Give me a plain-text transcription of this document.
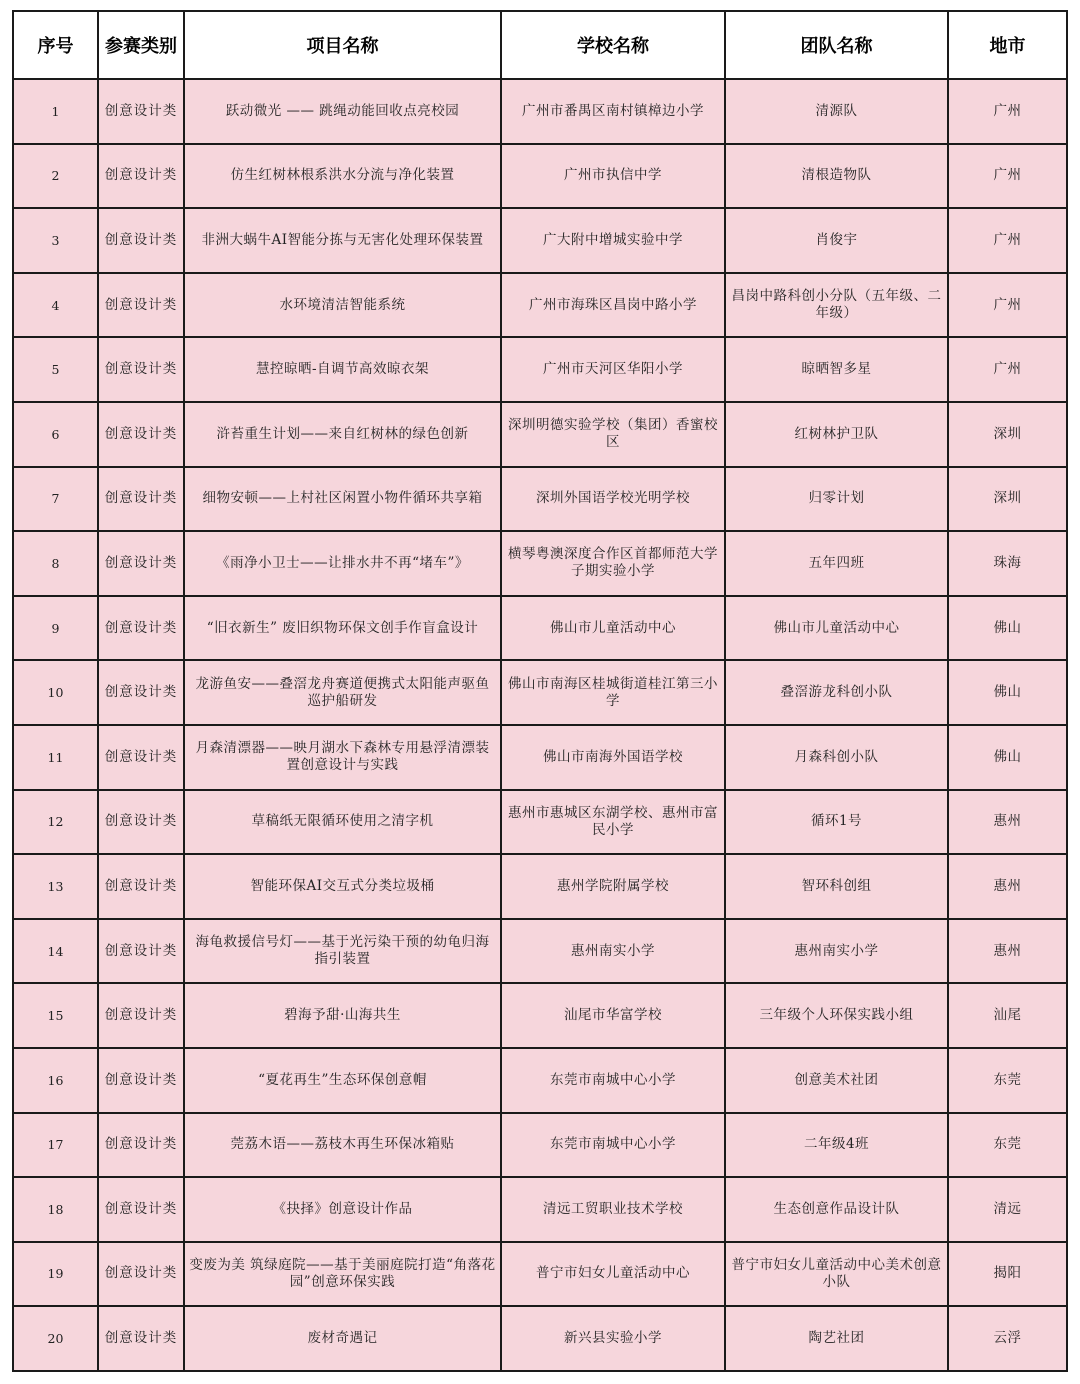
序号	参赛类别	项目名称	学校名称	团队名称	地市
1	创意设计类	跃动微光 —— 跳绳动能回收点亮校园	广州市番禺区南村镇樟边小学	清源队	广州
2	创意设计类	仿生红树林根系洪水分流与净化装置	广州市执信中学	清根造物队	广州
3	创意设计类	非洲大蜗牛AI智能分拣与无害化处理环保装置	广大附中增城实验中学	肖俊宇	广州
4	创意设计类	水环境清洁智能系统	广州市海珠区昌岗中路小学	昌岗中路科创小分队（五年级、二年级）	广州
5	创意设计类	慧控晾晒-自调节高效晾衣架	广州市天河区华阳小学	晾晒智多星	广州
6	创意设计类	浒苔重生计划——来自红树林的绿色创新	深圳明德实验学校（集团）香蜜校区	红树林护卫队	深圳
7	创意设计类	细物安顿——上村社区闲置小物件循环共享箱	深圳外国语学校光明学校	归零计划	深圳
8	创意设计类	《雨净小卫士——让排水井不再“堵车”》	横琴粤澳深度合作区首都师范大学子期实验小学	五年四班	珠海
9	创意设计类	“旧衣新生” 废旧织物环保文创手作盲盒设计	佛山市儿童活动中心	佛山市儿童活动中心	佛山
10	创意设计类	龙游鱼安——叠滘龙舟赛道便携式太阳能声驱鱼巡护船研发	佛山市南海区桂城街道桂江第三小学	叠滘游龙科创小队	佛山
11	创意设计类	月森清漂器——映月湖水下森林专用悬浮清漂装置创意设计与实践	佛山市南海外国语学校	月森科创小队	佛山
12	创意设计类	草稿纸无限循环使用之清字机	惠州市惠城区东湖学校、惠州市富民小学	循环1号	惠州
13	创意设计类	智能环保AI交互式分类垃圾桶	惠州学院附属学校	智环科创组	惠州
14	创意设计类	海龟救援信号灯——基于光污染干预的幼龟归海指引装置	惠州南实小学	惠州南实小学	惠州
15	创意设计类	碧海予甜·山海共生	汕尾市华富学校	三年级个人环保实践小组	汕尾
16	创意设计类	“夏花再生”生态环保创意帽	东莞市南城中心小学	创意美术社团	东莞
17	创意设计类	莞荔木语——荔枝木再生环保冰箱贴	东莞市南城中心小学	二年级4班	东莞
18	创意设计类	《抉择》创意设计作品	清远工贸职业技术学校	生态创意作品设计队	清远
19	创意设计类	变废为美 筑绿庭院——基于美丽庭院打造“角落花园”创意环保实践	普宁市妇女儿童活动中心	普宁市妇女儿童活动中心美术创意小队	揭阳
20	创意设计类	废材奇遇记	新兴县实验小学	陶艺社团	云浮
